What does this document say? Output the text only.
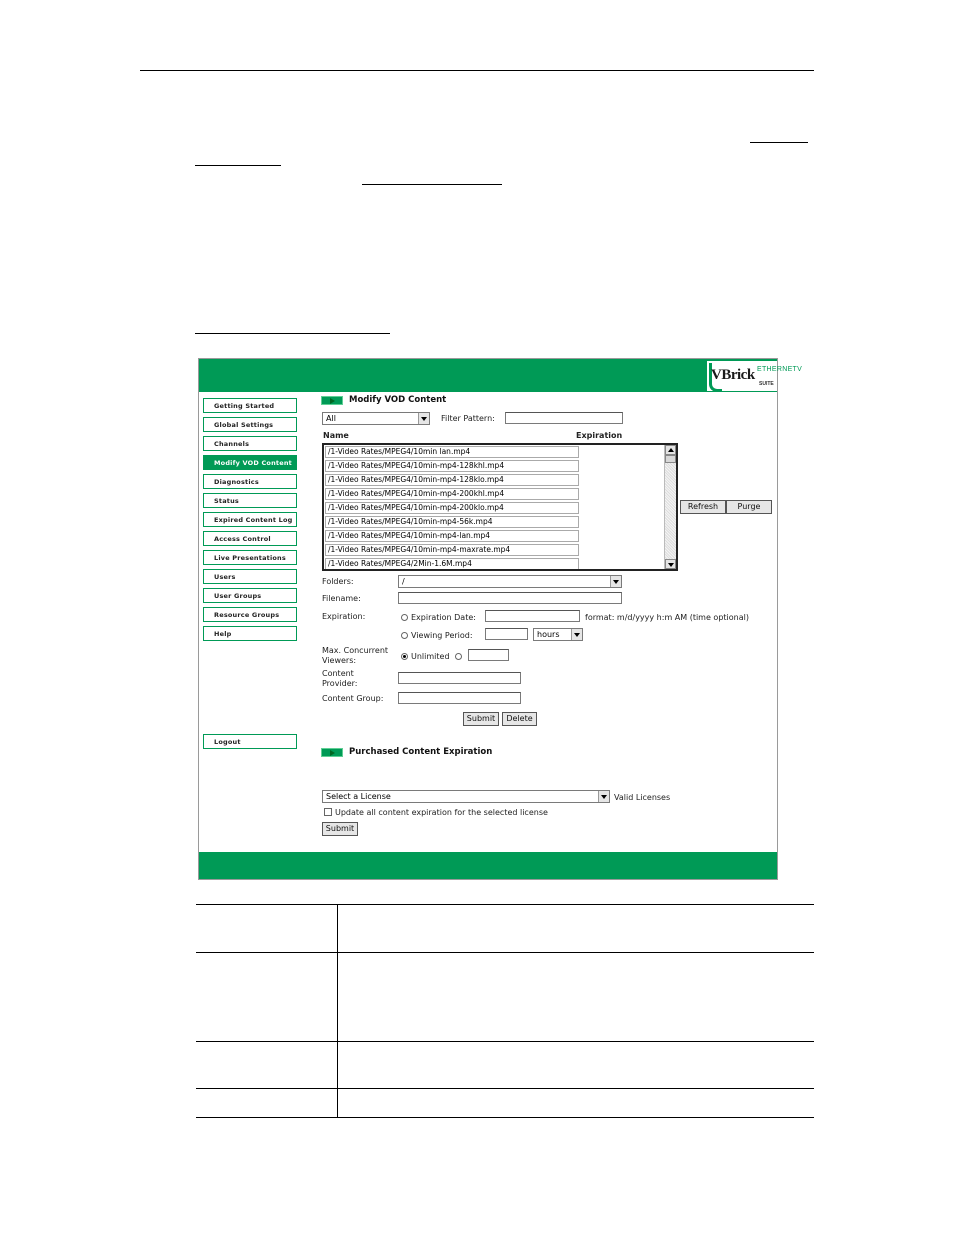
VBrick ETHERNETV
SUITE
Getting Started
Global Settings
Channels
Modify VOD Content
Diagnostics
Status
Expired Content Log
Access Control
Live Presentations
Users
User Groups
Resource Groups
Help
Logout
Modify VOD Content
All	Filter Pattern:
Name	Expiration
/1-Video Rates/MPEG4/10min lan.mp4
/1-Video Rates/MPEG4/10min-mp4-128khl.mp4
/1-Video Rates/MPEG4/10min-mp4-128klo.mp4
/1-Video Rates/MPEG4/10min-mp4-200khl.mp4
/1-Video Rates/MPEG4/10min-mp4-200klo.mp4
/1-Video Rates/MPEG4/10min-mp4-56k.mp4
/1-Video Rates/MPEG4/10min-mp4-lan.mp4
/1-Video Rates/MPEG4/10min-mp4-maxrate.mp4
/1-Video Rates/MPEG4/2Min-1.6M.mp4
Refresh	Purge
Folders:	/
Filename:
Expiration:	Expiration Date:	format: m/d/yyyy h:m AM (time optional)
Viewing Period:	hours
Max. Concurrent
Viewers:	Unlimited
Content
Provider:
Content Group:
Submit	Delete
Purchased Content Expiration
Select a License	Valid Licenses
Update all content expiration for the selected license
Submit
